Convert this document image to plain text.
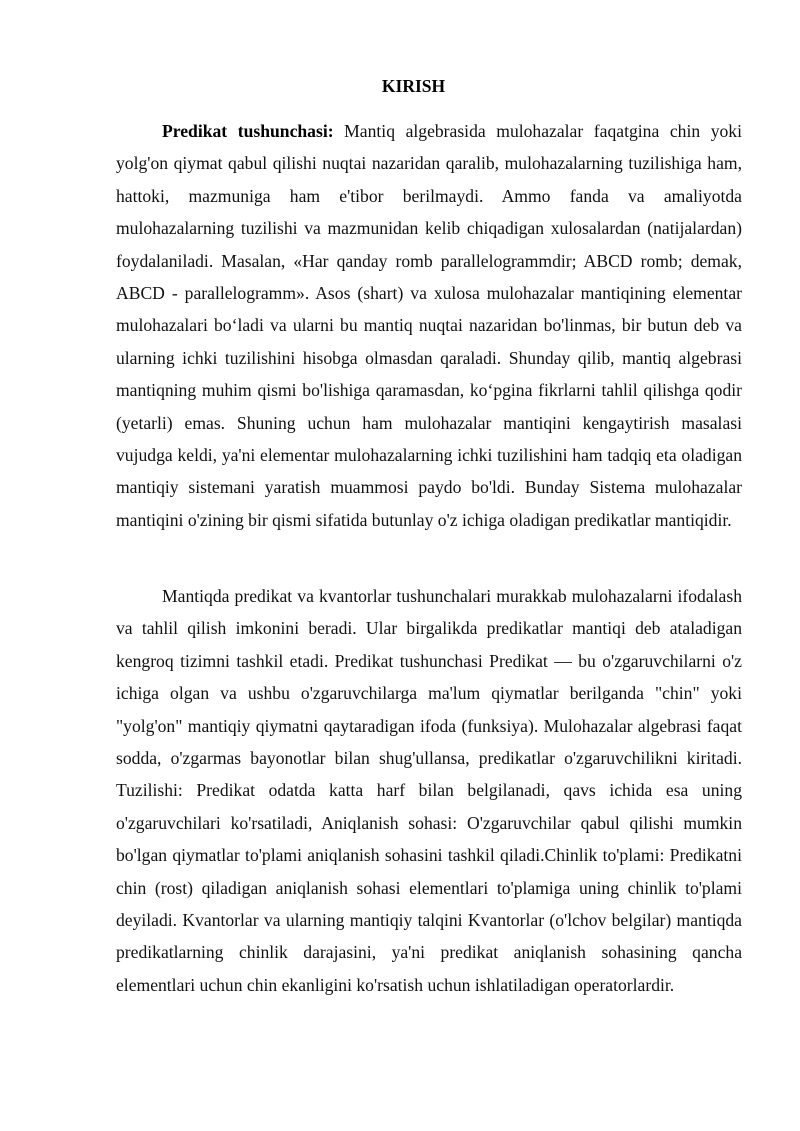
KIRISH

Predikat tushunchasi: Mantiq algebrasida mulohazalar faqatgina chin yoki yolg'on qiymat qabul qilishi nuqtai nazaridan qaralib, mulohazalarning tuzilishiga ham, hattoki, mazmuniga ham e'tibor berilmaydi. Ammo fanda va amaliyotda mulohazalarning tuzilishi va mazmunidan kelib chiqadigan xulosalardan (natijalardan) foydalaniladi. Masalan, «Har qanday romb parallelogrammdir; ABCD romb; demak, ABCD - parallelogramm». Asos (shart) va xulosa mulohazalar mantiqining elementar mulohazalari bo‘ladi va ularni bu mantiq nuqtai nazaridan bo'linmas, bir butun deb va ularning ichki tuzilishini hisobga olmasdan qaraladi. Shunday qilib, mantiq algebrasi mantiqning muhim qismi bo'lishiga qaramasdan, ko‘pgina fikrlarni tahlil qilishga qodir (yetarli) emas. Shuning uchun ham mulohazalar mantiqini kengaytirish masalasi vujudga keldi, ya'ni elementar mulohazalarning ichki tuzilishini ham tadqiq eta oladigan mantiqiy sistemani yaratish muammosi paydo bo'ldi. Bunday Sistema mulohazalar mantiqini o'zining bir qismi sifatida butunlay o'z ichiga oladigan predikatlar mantiqidir.

Mantiqda predikat va kvantorlar tushunchalari murakkab mulohazalarni ifodalash va tahlil qilish imkonini beradi. Ular birgalikda predikatlar mantiqi deb ataladigan kengroq tizimni tashkil etadi. Predikat tushunchasi Predikat — bu o'zgaruvchilarni o'z ichiga olgan va ushbu o'zgaruvchilarga ma'lum qiymatlar berilganda "chin" yoki "yolg'on" mantiqiy qiymatni qaytaradigan ifoda (funksiya). Mulohazalar algebrasi faqat sodda, o'zgarmas bayonotlar bilan shug'ullansa, predikatlar o'zgaruvchilikni kiritadi. Tuzilishi: Predikat odatda katta harf bilan belgilanadi, qavs ichida esa uning o'zgaruvchilari ko'rsatiladi, Aniqlanish sohasi: O'zgaruvchilar qabul qilishi mumkin bo'lgan qiymatlar to'plami aniqlanish sohasini tashkil qiladi.Chinlik to'plami: Predikatni chin (rost) qiladigan aniqlanish sohasi elementlari to'plamiga uning chinlik to'plami deyiladi. Kvantorlar va ularning mantiqiy talqini Kvantorlar (o'lchov belgilar) mantiqda predikatlarning chinlik darajasini, ya'ni predikat aniqlanish sohasining qancha elementlari uchun chin ekanligini ko'rsatish uchun ishlatiladigan operatorlardir.
